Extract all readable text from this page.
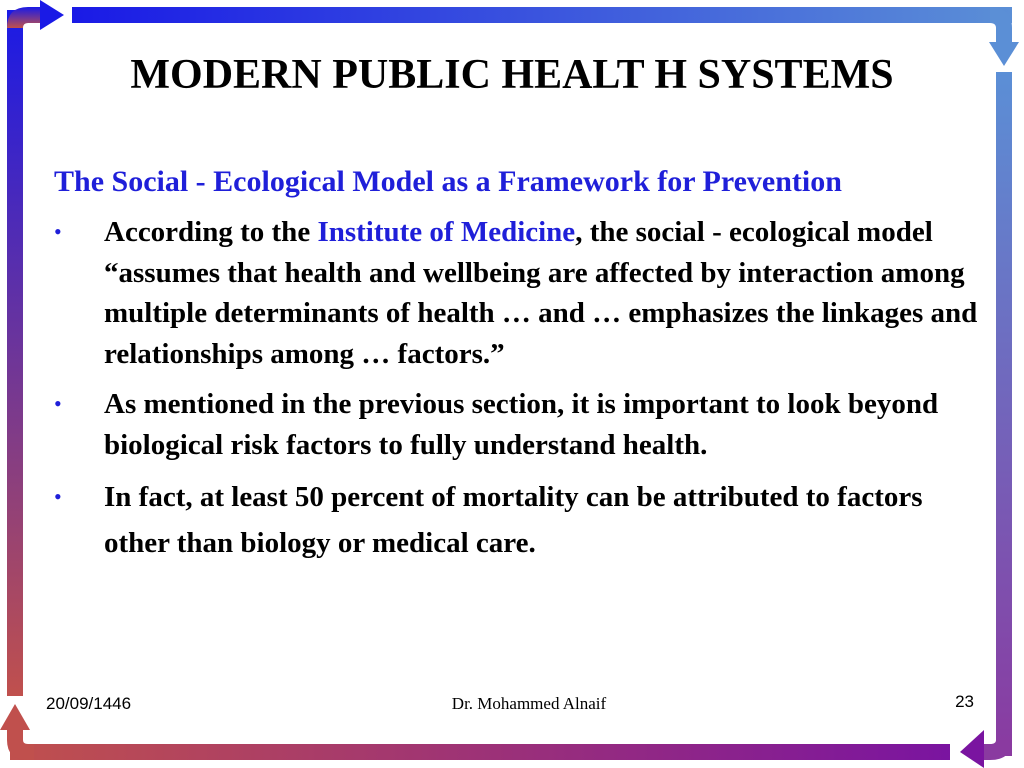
MODERN PUBLIC HEALT H SYSTEMS

The Social - Ecological Model as a Framework for Prevention

• According to the Institute of Medicine, the social - ecological model “assumes that health and wellbeing are affected by interaction among multiple determinants of health … and … emphasizes the linkages and relationships among … factors.”
• As mentioned in the previous section, it is important to look beyond biological risk factors to fully understand health.
• In fact, at least 50 percent of mortality can be attributed to factors other than biology or medical care.
20/09/1446	Dr. Mohammed Alnaif	23
